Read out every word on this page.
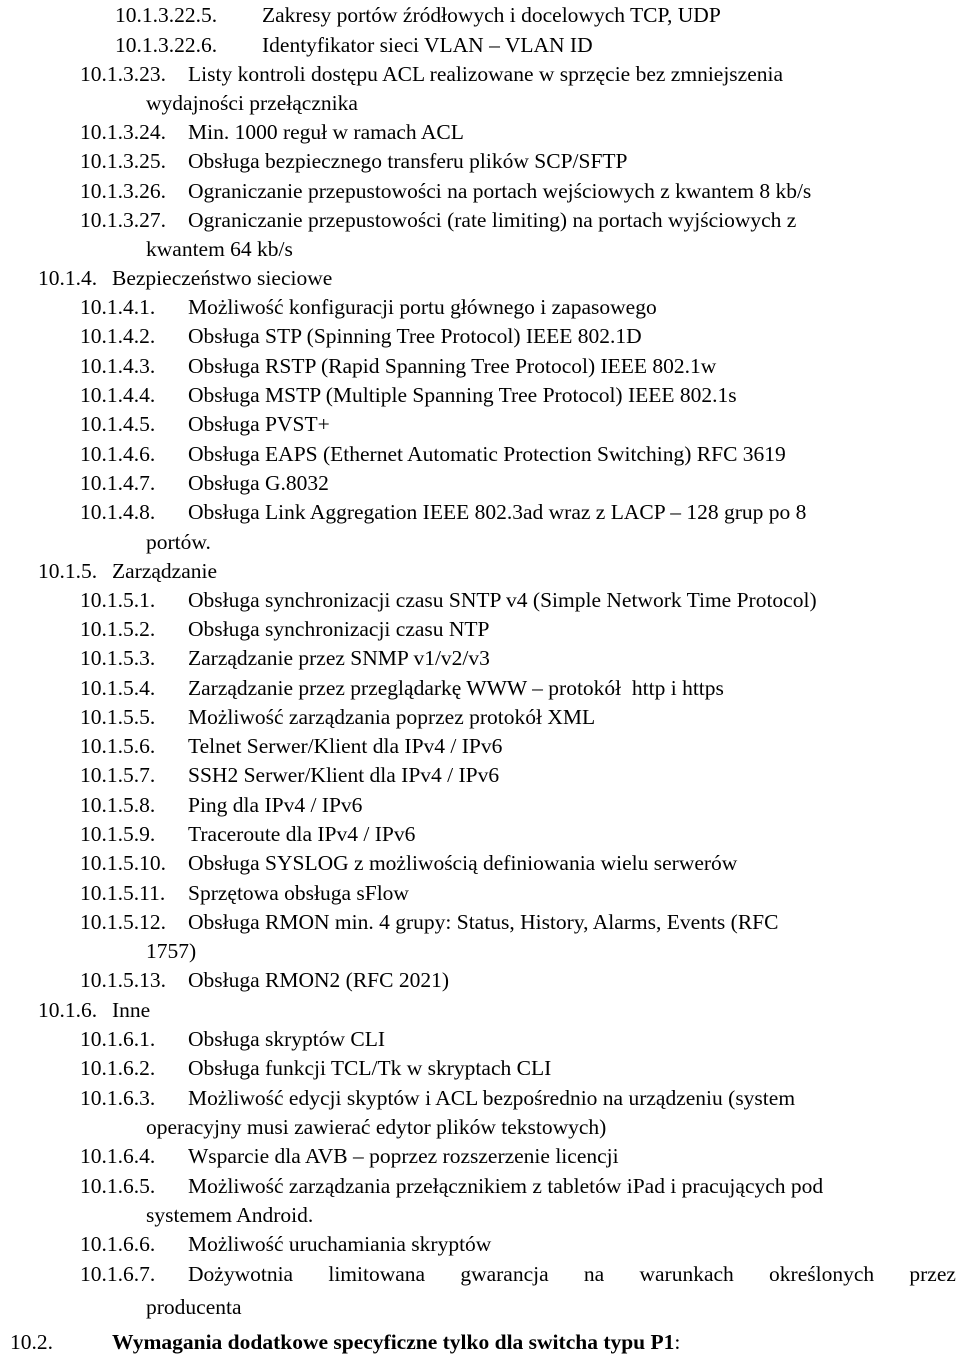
10.1.3.22.5. Zakresy portów źródłowych i docelowych TCP, UDP
10.1.3.22.6. Identyfikator sieci VLAN – VLAN ID
10.1.3.23. Listy kontroli dostępu ACL realizowane w sprzęcie bez zmniejszenia
wydajności przełącznika
10.1.3.24. Min. 1000 reguł w ramach ACL
10.1.3.25. Obsługa bezpiecznego transferu plików SCP/SFTP
10.1.3.26. Ograniczanie przepustowości na portach wejściowych z kwantem 8 kb/s
10.1.3.27. Ograniczanie przepustowości (rate limiting) na portach wyjściowych z
kwantem 64 kb/s
10.1.4. Bezpieczeństwo sieciowe
10.1.4.1. Możliwość konfiguracji portu głównego i zapasowego
10.1.4.2. Obsługa STP (Spinning Tree Protocol) IEEE 802.1D
10.1.4.3. Obsługa RSTP (Rapid Spanning Tree Protocol) IEEE 802.1w
10.1.4.4. Obsługa MSTP (Multiple Spanning Tree Protocol) IEEE 802.1s
10.1.4.5. Obsługa PVST+
10.1.4.6. Obsługa EAPS (Ethernet Automatic Protection Switching) RFC 3619
10.1.4.7. Obsługa G.8032
10.1.4.8. Obsługa Link Aggregation IEEE 802.3ad wraz z LACP – 128 grup po 8
portów.
10.1.5. Zarządzanie
10.1.5.1. Obsługa synchronizacji czasu SNTP v4 (Simple Network Time Protocol)
10.1.5.2. Obsługa synchronizacji czasu NTP
10.1.5.3. Zarządzanie przez SNMP v1/v2/v3
10.1.5.4. Zarządzanie przez przeglądarkę WWW – protokół  http i https
10.1.5.5. Możliwość zarządzania poprzez protokół XML
10.1.5.6. Telnet Serwer/Klient dla IPv4 / IPv6
10.1.5.7. SSH2 Serwer/Klient dla IPv4 / IPv6
10.1.5.8. Ping dla IPv4 / IPv6
10.1.5.9. Traceroute dla IPv4 / IPv6
10.1.5.10. Obsługa SYSLOG z możliwością definiowania wielu serwerów
10.1.5.11. Sprzętowa obsługa sFlow
10.1.5.12. Obsługa RMON min. 4 grupy: Status, History, Alarms, Events (RFC
1757)
10.1.5.13. Obsługa RMON2 (RFC 2021)
10.1.6. Inne
10.1.6.1. Obsługa skryptów CLI
10.1.6.2. Obsługa funkcji TCL/Tk w skryptach CLI
10.1.6.3. Możliwość edycji skyptów i ACL bezpośrednio na urządzeniu (system
operacyjny musi zawierać edytor plików tekstowych)
10.1.6.4. Wsparcie dla AVB – poprzez rozszerzenie licencji
10.1.6.5. Możliwość zarządzania przełącznikiem z tabletów iPad i pracujących pod
systemem Android.
10.1.6.6. Możliwość uruchamiania skryptów
10.1.6.7. Dożywotnia limitowana gwarancja na warunkach określonych przez
producenta
10.2.	Wymagania dodatkowe specyficzne tylko dla switcha typu P1:
